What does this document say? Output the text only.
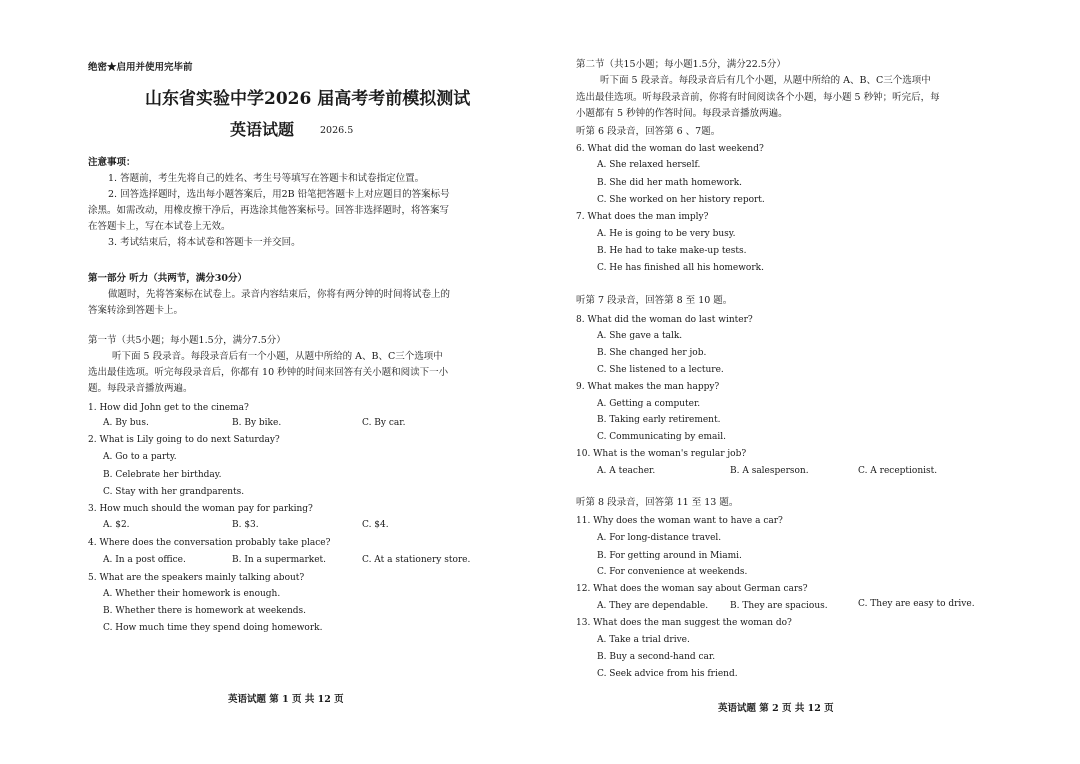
绝密★启用并使用完毕前
山东省实验中学2026 届高考考前模拟测试
英语试题	2026.5
注意事项：
1. 答题前，考生先将自己的姓名、考生号等填写在答题卡和试卷指定位置。
2. 回答选择题时，选出每小题答案后，用2B 铅笔把答题卡上对应题目的答案标号
涂黑。如需改动，用橡皮擦干净后，再选涂其他答案标号。回答非选择题时，将答案写
在答题卡上，写在本试卷上无效。
3. 考试结束后，将本试卷和答题卡一并交回。
第一部分 听力（共两节，满分30分）
做题时，先将答案标在试卷上。录音内容结束后，你将有两分钟的时间将试卷上的
答案转涂到答题卡上。
第一节（共5小题；每小题1.5分，满分7.5分）
听下面 5 段录音。每段录音后有一个小题，从题中所给的 A、B、C三个选项中
选出最佳选项。听完每段录音后，你都有 10 秒钟的时间来回答有关小题和阅读下一小
题。每段录音播放两遍。
1. How did John get to the cinema?
A. By bus.	B. By bike.	C. By car.
2. What is Lily going to do next Saturday?
A. Go to a party.
B. Celebrate her birthday.
C. Stay with her grandparents.
3. How much should the woman pay for parking?
A. $2.	B. $3.	C. $4.
4. Where does the conversation probably take place?
A. In a post office.	B. In a supermarket.	C. At a stationery store.
5. What are the speakers mainly talking about?
A. Whether their homework is enough.
B. Whether there is homework at weekends.
C. How much time they spend doing homework.
英语试题 第 1 页 共 12 页
第二节（共15小题；每小题1.5分，满分22.5分）
听下面 5 段录音。每段录音后有几个小题，从题中所给的 A、B、C三个选项中
选出最佳选项。听每段录音前，你将有时间阅读各个小题，每小题 5 秒钟；听完后，每
小题都有 5 秒钟的作答时间。每段录音播放两遍。
听第 6 段录音，回答第 6 、7题。
6. What did the woman do last weekend?
A. She relaxed herself.
B. She did her math homework.
C. She worked on her history report.
7. What does the man imply?
A. He is going to be very busy.
B. He had to take make-up tests.
C. He has finished all his homework.
听第 7 段录音，回答第 8 至 10 题。
8. What did the woman do last winter?
A. She gave a talk.
B. She changed her job.
C. She listened to a lecture.
9. What makes the man happy?
A. Getting a computer.
B. Taking early retirement.
C. Communicating by email.
10. What is the woman's regular job?
A. A teacher.	B. A salesperson.	C. A receptionist.
听第 8 段录音，回答第 11 至 13 题。
11. Why does the woman want to have a car?
A. For long-distance travel.
B. For getting around in Miami.
C. For convenience at weekends.
12. What does the woman say about German cars?
A. They are dependable. B. They are spacious.	C. They are easy to drive.
13. What does the man suggest the woman do?
A. Take a trial drive.
B. Buy a second-hand car.
C. Seek advice from his friend.
英语试题 第 2 页 共 12 页
